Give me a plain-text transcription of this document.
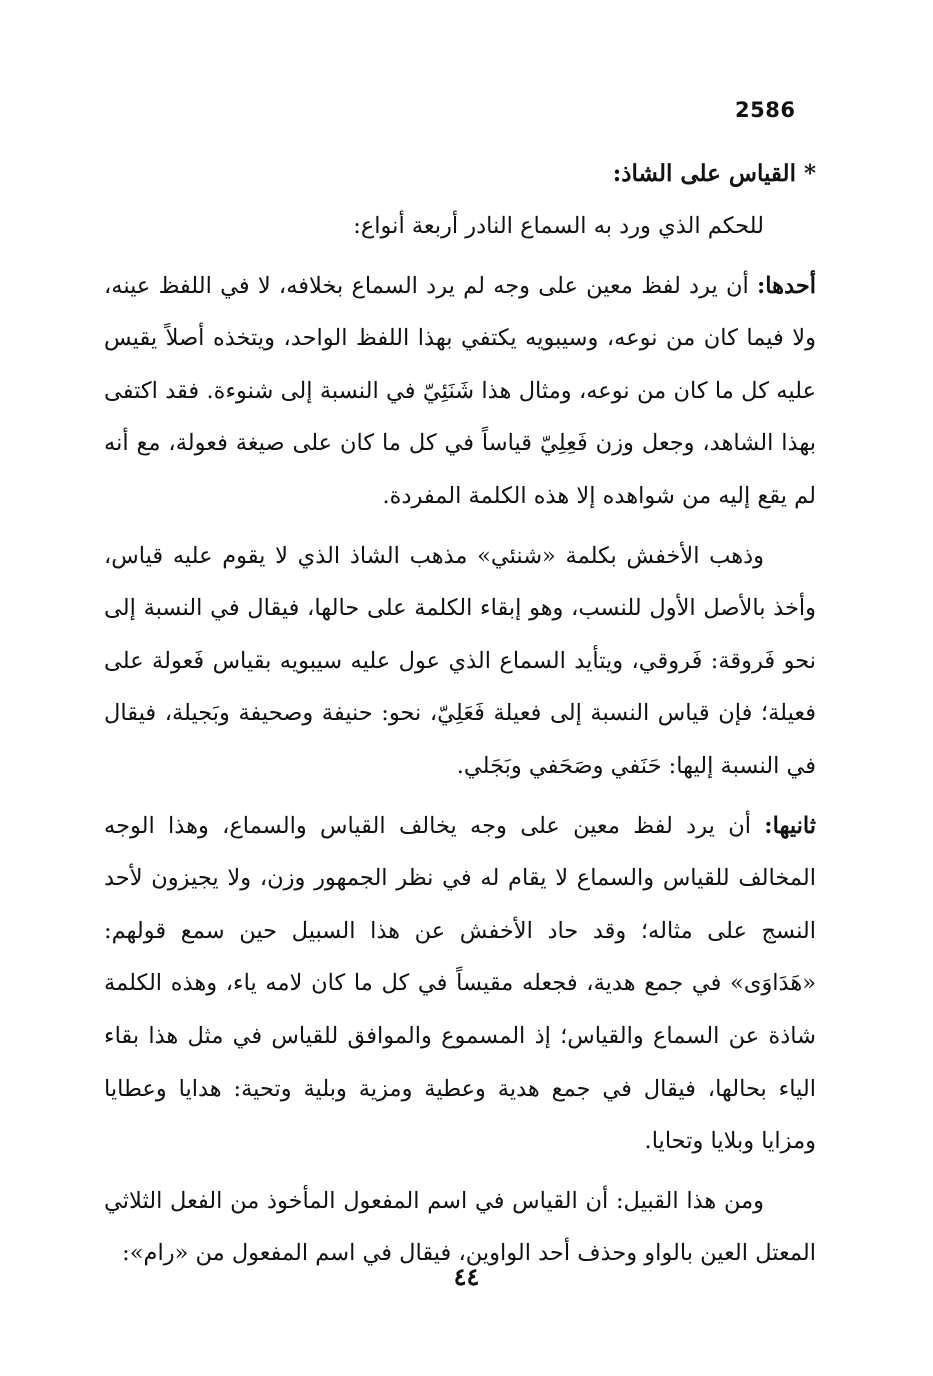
2586
* القياس على الشاذ:

للحكم الذي ورد به السماع النادر أربعة أنواع:

أحدها: أن يرد لفظ معين على وجه لم يرد السماع بخلافه، لا في اللفظ عينه، ولا فيما كان من نوعه، وسيبويه يكتفي بهذا اللفظ الواحد، ويتخذه أصلاً يقيس عليه كل ما كان من نوعه، ومثال هذا شَنَئِيّ في النسبة إلى شنوءة. فقد اكتفى بهذا الشاهد، وجعل وزن فَعِلِيّ قياساً في كل ما كان على صيغة فعولة، مع أنه لم يقع إليه من شواهده إلا هذه الكلمة المفردة.

وذهب الأخفش بكلمة «شنئي» مذهب الشاذ الذي لا يقوم عليه قياس، وأخذ بالأصل الأول للنسب، وهو إبقاء الكلمة على حالها، فيقال في النسبة إلى نحو فَروقة: فَروقي، ويتأيد السماع الذي عول عليه سيبويه بقياس فَعولة على فعيلة؛ فإن قياس النسبة إلى فعيلة فَعَلِيّ، نحو: حنيفة وصحيفة وبَجيلة، فيقال في النسبة إليها: حَنَفي وصَحَفي وبَجَلي.

ثانيها: أن يرد لفظ معين على وجه يخالف القياس والسماع، وهذا الوجه المخالف للقياس والسماع لا يقام له في نظر الجمهور وزن، ولا يجيزون لأحد النسج على مثاله؛ وقد حاد الأخفش عن هذا السبيل حين سمع قولهم: «هَدَاوَى» في جمع هدية، فجعله مقيساً في كل ما كان لامه ياء، وهذه الكلمة شاذة عن السماع والقياس؛ إذ المسموع والموافق للقياس في مثل هذا بقاء الياء بحالها، فيقال في جمع هدية وعطية ومزية وبلية وتحية: هدايا وعطايا ومزايا وبلايا وتحايا.

ومن هذا القبيل: أن القياس في اسم المفعول المأخوذ من الفعل الثلاثي المعتل العين بالواو وحذف أحد الواوين، فيقال في اسم المفعول من «رام»:

٤٤
